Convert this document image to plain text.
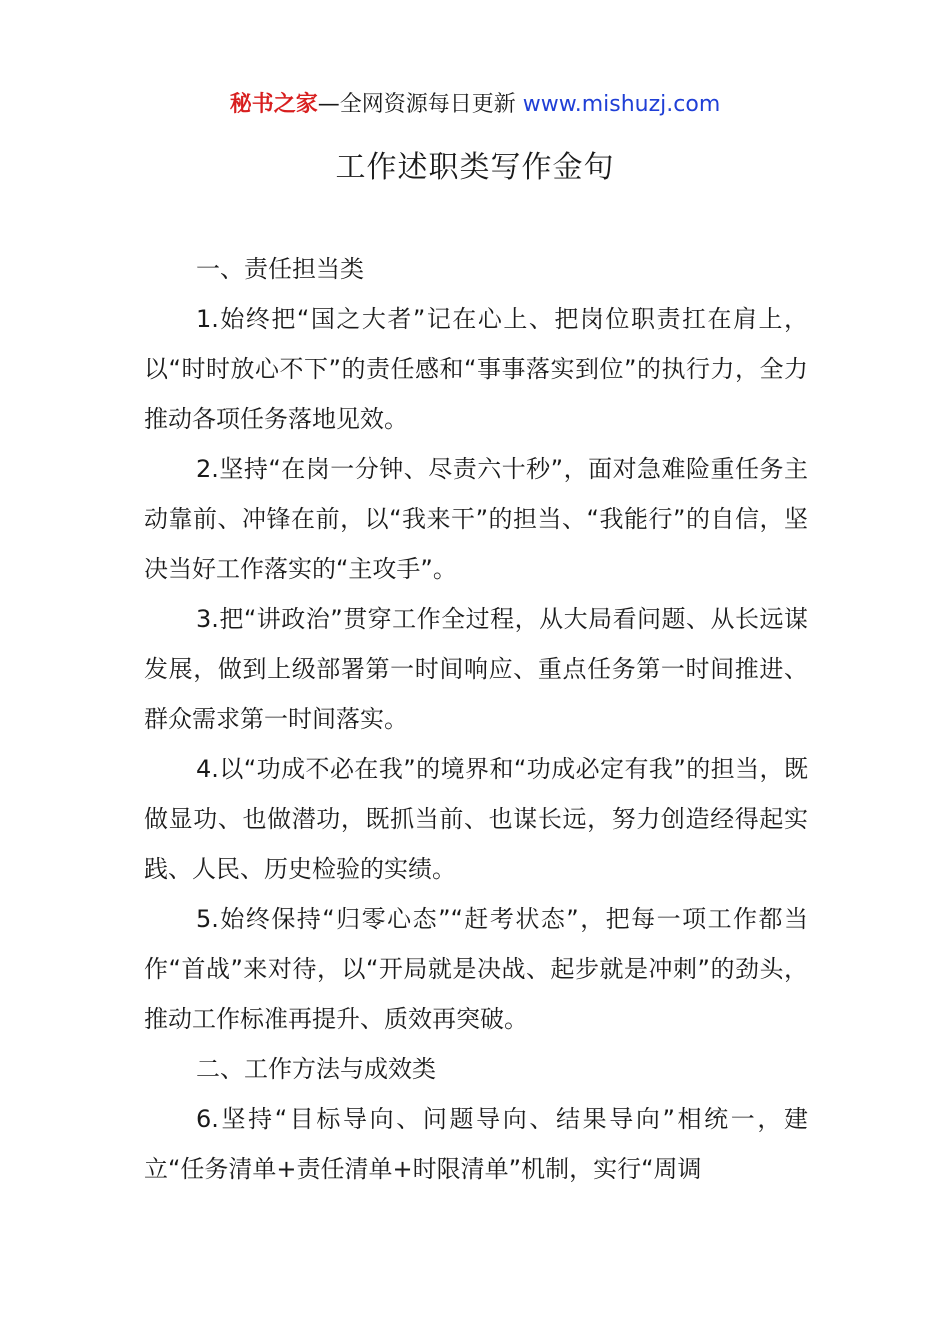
秘书之家—全网资源每日更新 www.mishuzj.com
工作述职类写作金句

一、责任担当类

1.始终把“国之大者”记在心上、把岗位职责扛在肩上，以“时时放心不下”的责任感和“事事落实到位”的执行力，全力推动各项任务落地见效。

2.坚持“在岗一分钟、尽责六十秒”，面对急难险重任务主动靠前、冲锋在前，以“我来干”的担当、“我能行”的自信，坚决当好工作落实的“主攻手”。

3.把“讲政治”贯穿工作全过程，从大局看问题、从长远谋发展，做到上级部署第一时间响应、重点任务第一时间推进、群众需求第一时间落实。

4.以“功成不必在我”的境界和“功成必定有我”的担当，既做显功、也做潜功，既抓当前、也谋长远，努力创造经得起实践、人民、历史检验的实绩。

5.始终保持“归零心态”“赶考状态”，把每一项工作都当作“首战”来对待，以“开局就是决战、起步就是冲刺”的劲头，推动工作标准再提升、质效再突破。

二、工作方法与成效类

6.坚持“目标导向、问题导向、结果导向”相统一，建立“任务清单+责任清单+时限清单”机制，实行“周调
